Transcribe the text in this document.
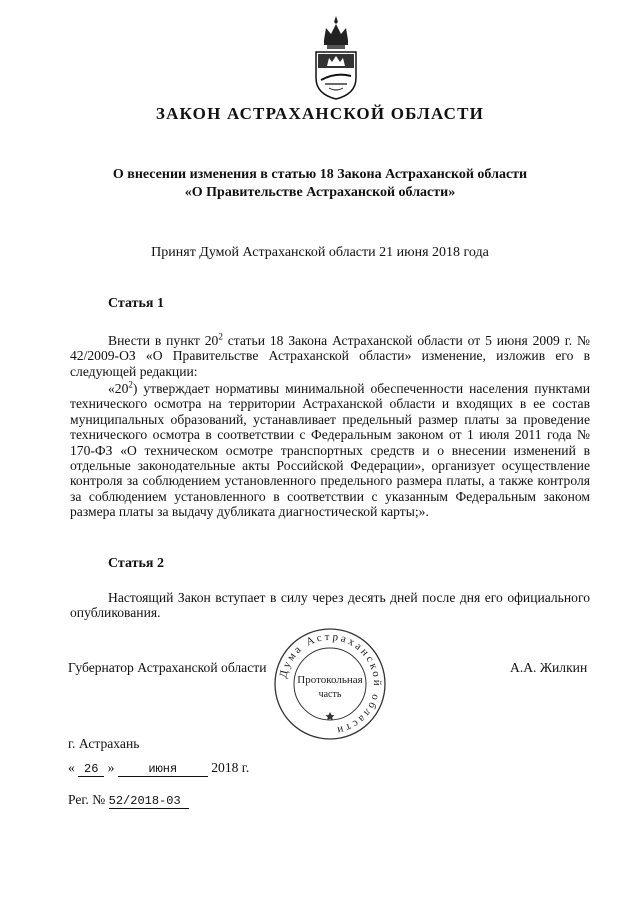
ЗАКОН АСТРАХАНСКОЙ ОБЛАСТИ
О внесении изменения в статью 18 Закона Астраханской области
«О Правительстве Астраханской области»
Принят Думой Астраханской области 21 июня 2018 года
Статья 1
Внести в пункт $20^2$ статьи 18 Закона Астраханской области от 5 июня 2009 г. № 42/2009-ОЗ «О Правительстве Астраханской области» изменение, изложив его в следующей редакции:
«$20^2$) утверждает нормативы минимальной обеспеченности населения пунктами технического осмотра на территории Астраханской области и входящих в ее состав муниципальных образований, устанавливает предельный размер платы за проведение технического осмотра в соответствии с Федеральным законом от 1 июля 2011 года № 170-ФЗ «О техническом осмотре транспортных средств и о внесении изменений в отдельные законодательные акты Российской Федерации», организует осуществление контроля за соблюдением установленного предельного размера платы, а также контроля за соблюдением установленного в соответствии с указанным Федеральным законом размера платы за выдачу дубликата диагностической карты;».
Статья 2
Настоящий Закон вступает в силу через десять дней после дня его официального опубликования.
Губернатор Астраханской области	А.А. Жилкин
Дума Астраханской области
Протокольная
часть
г. Астрахань
« 26 »	июня	2018 г.
Рег. № 52/2018-03
